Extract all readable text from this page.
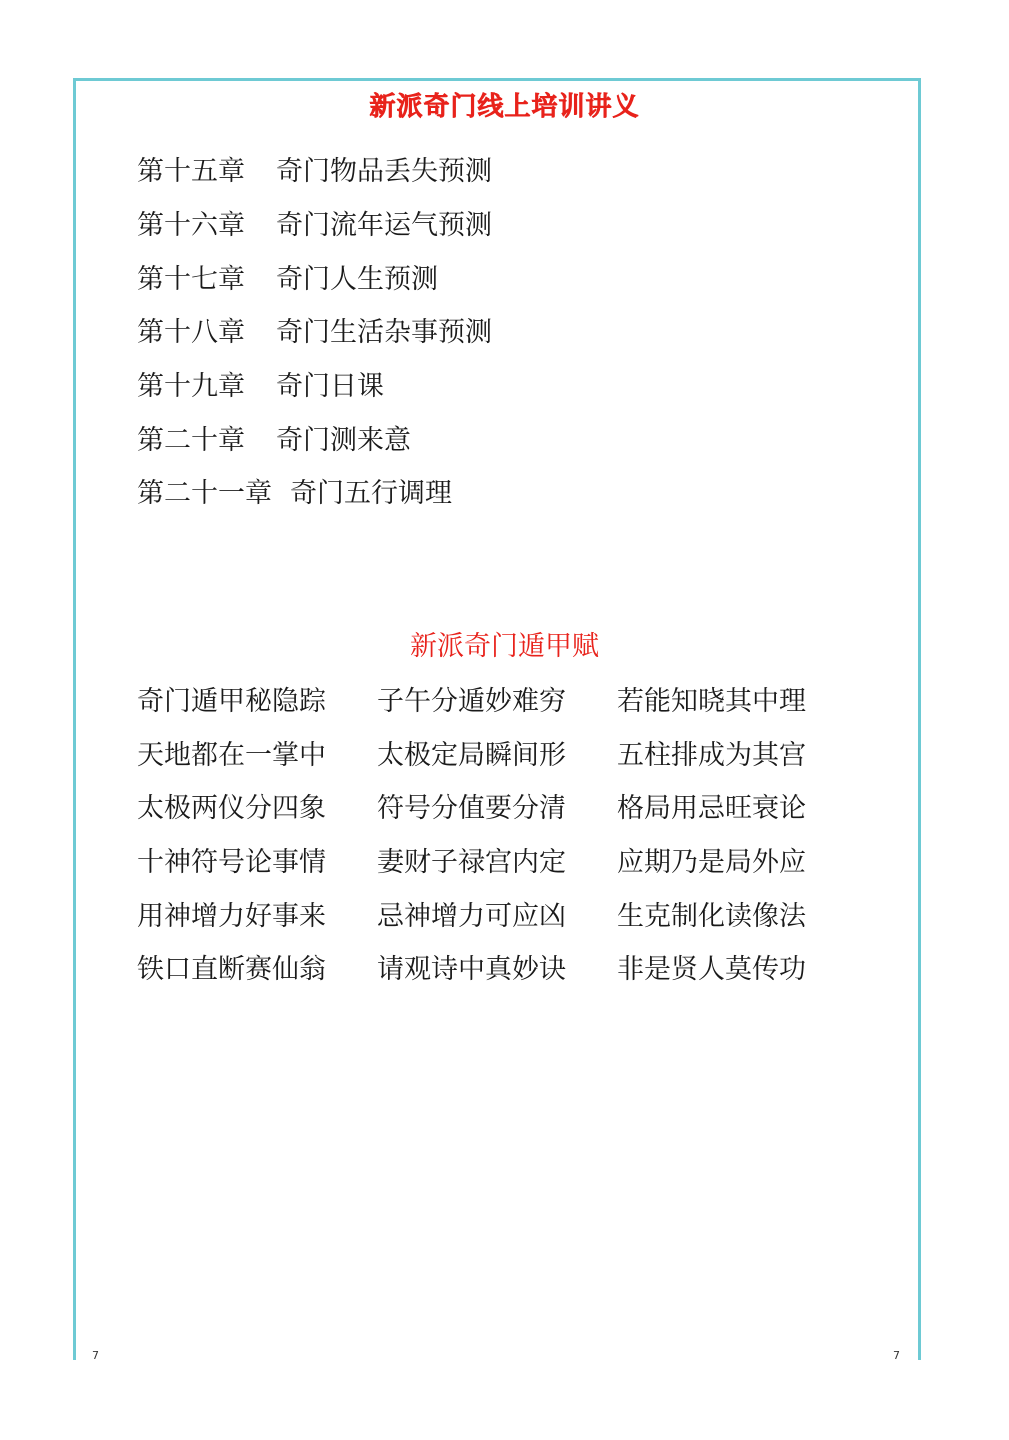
新派奇门线上培训讲义
第十五章	奇门物品丢失预测
第十六章	奇门流年运气预测
第十七章	奇门人生预测
第十八章	奇门生活杂事预测
第十九章	奇门日课
第二十章	奇门测来意
第二十一章 奇门五行调理
新派奇门遁甲赋
奇门遁甲秘隐踪	子午分遁妙难穷	若能知晓其中理
天地都在一掌中	太极定局瞬间形	五柱排成为其宫
太极两仪分四象	符号分值要分清	格局用忌旺衰论
十神符号论事情	妻财子禄宫内定	应期乃是局外应
用神增力好事来	忌神增力可应凶	生克制化读像法
铁口直断赛仙翁	请观诗中真妙诀	非是贤人莫传功
7	7
